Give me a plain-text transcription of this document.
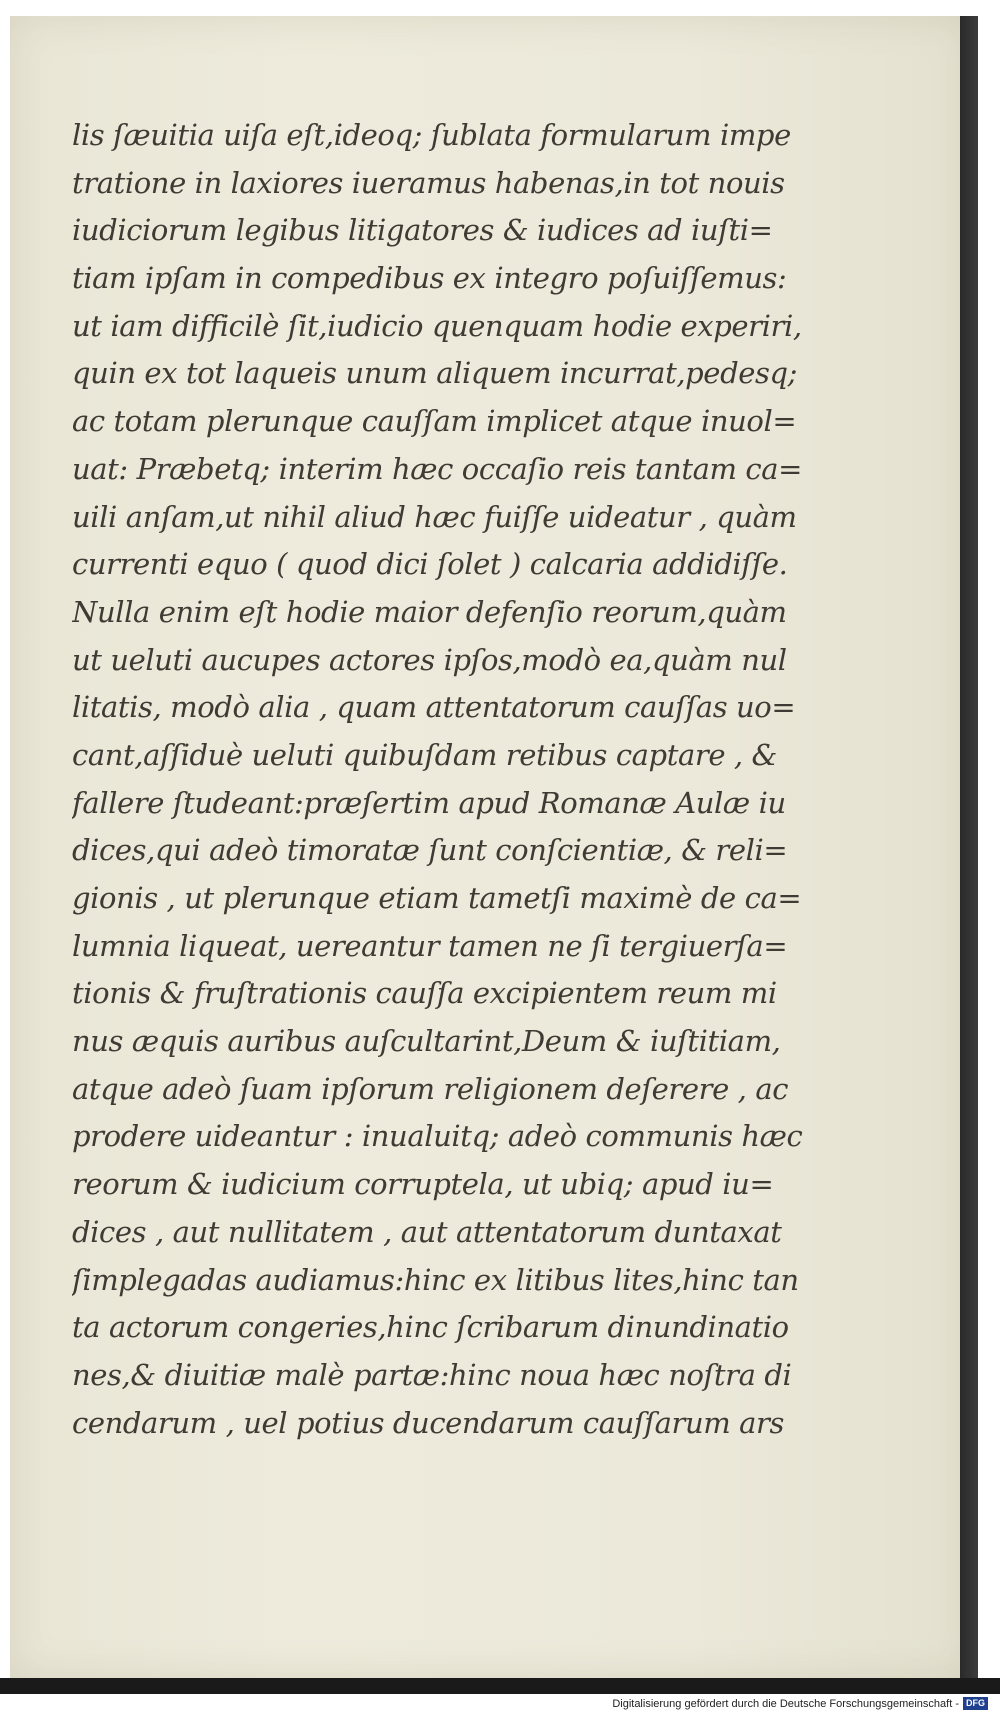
lis ſæuitia uiſa eſt,ideoq; ſublata formularum impe
tratione in laxiores iueramus habenas,in tot nouis
iudiciorum legibus litigatores & iudices ad iuſti=
tiam ipſam in compedibus ex integro poſuiſſemus:
ut iam difficilè ſit,iudicio quenquam hodie experiri,
quin ex tot laqueis unum aliquem incurrat,pedesq;
ac totam plerunque cauſſam implicet atque inuol=
uat: Præbetq; interim hæc occaſio reis tantam ca=
uili anſam,ut nihil aliud hæc fuiſſe uideatur , quàm
currenti equo ( quod dici ſolet ) calcaria addidiſſe.
Nulla enim eſt hodie maior defenſio reorum,quàm
ut ueluti aucupes actores ipſos,modò ea,quàm nul
litatis, modò alia , quam attentatorum cauſſas uo=
cant,aſſiduè ueluti quibuſdam retibus captare , &
fallere ſtudeant:præſertim apud Romanæ Aulæ iu
dices,qui adeò timoratæ ſunt conſcientiæ, & reli=
gionis , ut plerunque etiam tametſi maximè de ca=
lumnia liqueat, uereantur tamen ne ſi tergiuerſa=
tionis & fruſtrationis cauſſa excipientem reum mi
nus æquis auribus auſcultarint,Deum & iuſtitiam,
atque adeò ſuam ipſorum religionem deſerere , ac
prodere uideantur : inualuitq; adeò communis hæc
reorum & iudicium corruptela, ut ubiq; apud iu=
dices , aut nullitatem , aut attentatorum duntaxat
ſimplegadas audiamus:hinc ex litibus lites,hinc tan
ta actorum congeries,hinc ſcribarum dinundinatio
nes,& diuitiæ malè partæ:hinc noua hæc noſtra di
cendarum , uel potius ducendarum cauſſarum ars
Digitalisierung gefördert durch die Deutsche Forschungsgemeinschaft - DFG
